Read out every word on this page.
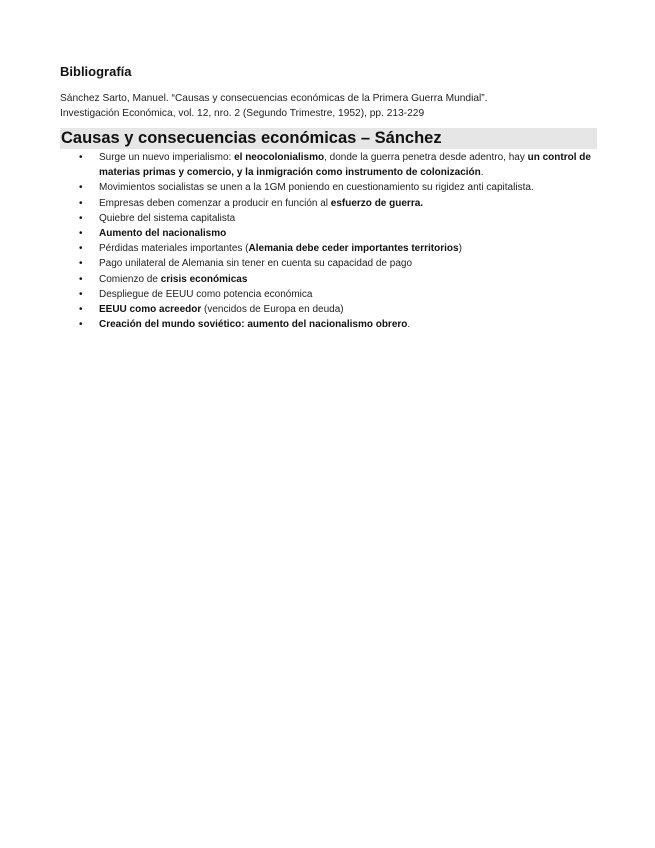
Bibliografía
Sánchez Sarto, Manuel. “Causas y consecuencias económicas de la Primera Guerra Mundial”.
Investigación Económica, vol. 12, nro. 2 (Segundo Trimestre, 1952), pp. 213-229
Causas y consecuencias económicas – Sánchez
• Surge un nuevo imperialismo: el neocolonialismo, donde la guerra penetra desde adentro, hay un control de materias primas y comercio, y la inmigración como instrumento de colonización.
• Movimientos socialistas se unen a la 1GM poniendo en cuestionamiento su rigidez anti capitalista.
• Empresas deben comenzar a producir en función al esfuerzo de guerra.
• Quiebre del sistema capitalista
• Aumento del nacionalismo
• Pérdidas materiales importantes (Alemania debe ceder importantes territorios)
• Pago unilateral de Alemania sin tener en cuenta su capacidad de pago
• Comienzo de crisis económicas
• Despliegue de EEUU como potencia económica
• EEUU como acreedor (vencidos de Europa en deuda)
• Creación del mundo soviético: aumento del nacionalismo obrero.
